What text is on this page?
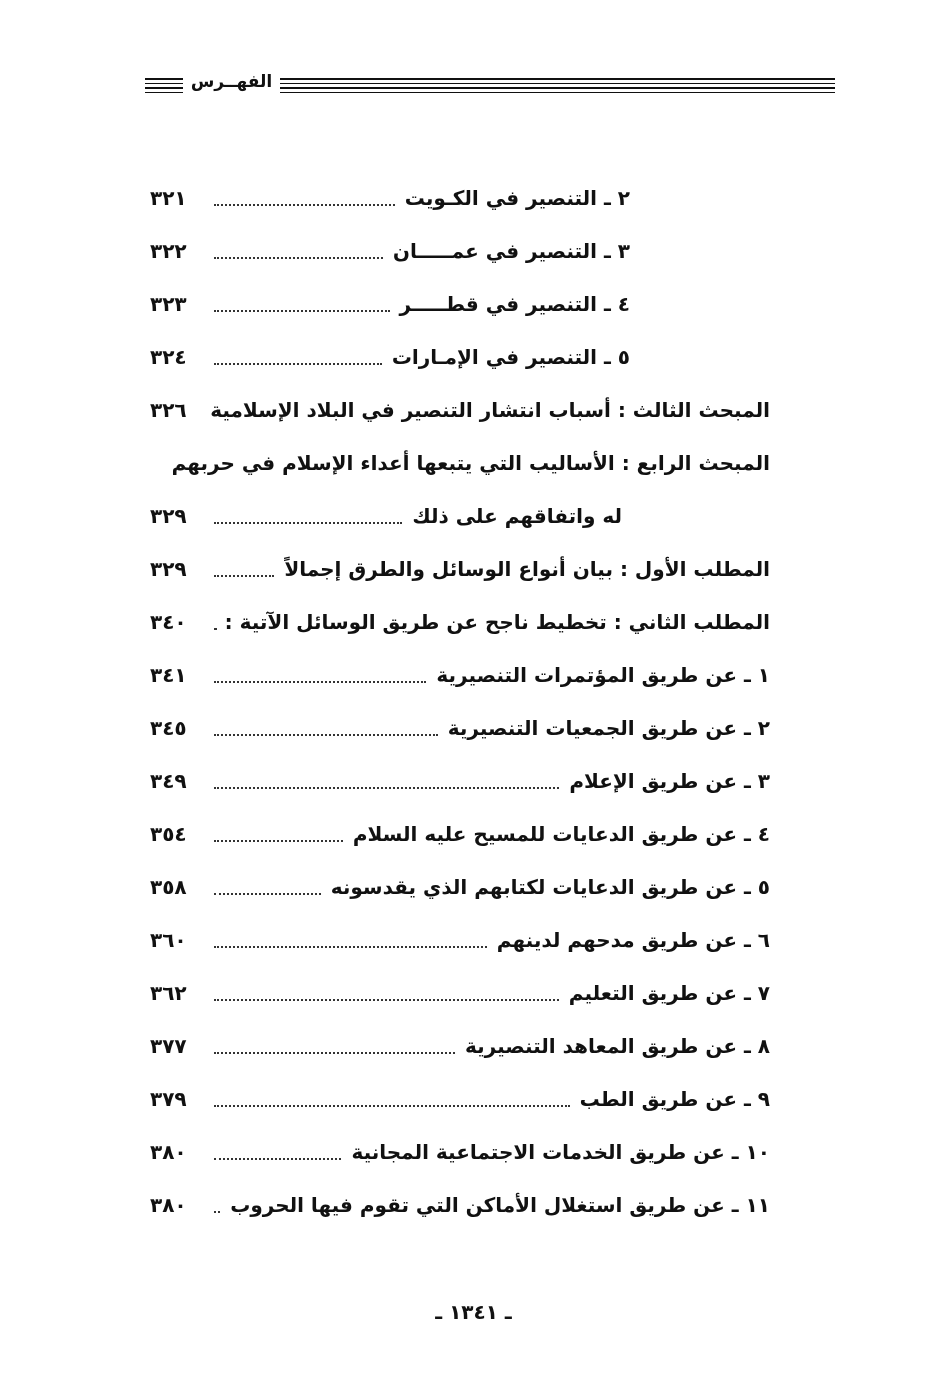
الفهــرس
٢ ـ التنصير في الكـويت
٣٢١
٣ ـ التنصير في عمـــــان
٣٢٢
٤ ـ التنصير في قطـــــر
٣٢٣
٥ ـ التنصير في الإمـارات
٣٢٤
المبحث الثالث : أسباب انتشار التنصير في البلاد الإسلامية
٣٢٦
المبحث الرابع : الأساليب التي يتبعها أعداء الإسلام في حربهم
له واتفاقهم على ذلك
٣٢٩
المطلب الأول : بيان أنواع الوسائل والطرق إجمالاً
٣٢٩
المطلب الثاني : تخطيط ناجح عن طريق الوسائل الآتية :
٣٤٠
١ ـ عن طريق المؤتمرات التنصيرية
٣٤١
٢ ـ عن طريق الجمعيات التنصيرية
٣٤٥
٣ ـ عن طريق الإعلام
٣٤٩
٤ ـ عن طريق الدعايات للمسيح عليه السلام
٣٥٤
٥ ـ عن طريق الدعايات لكتابهم الذي يقدسونه
٣٥٨
٦ ـ عن طريق مدحهم لدينهم
٣٦٠
٧ ـ عن طريق التعليم
٣٦٢
٨ ـ عن طريق المعاهد التنصيرية
٣٧٧
٩ ـ عن طريق الطب
٣٧٩
١٠ ـ عن طريق الخدمات الاجتماعية المجانية
٣٨٠
١١ ـ عن طريق استغلال الأماكن التي تقوم فيها الحروب
٣٨٠
ـ ١٣٤١ ـ
